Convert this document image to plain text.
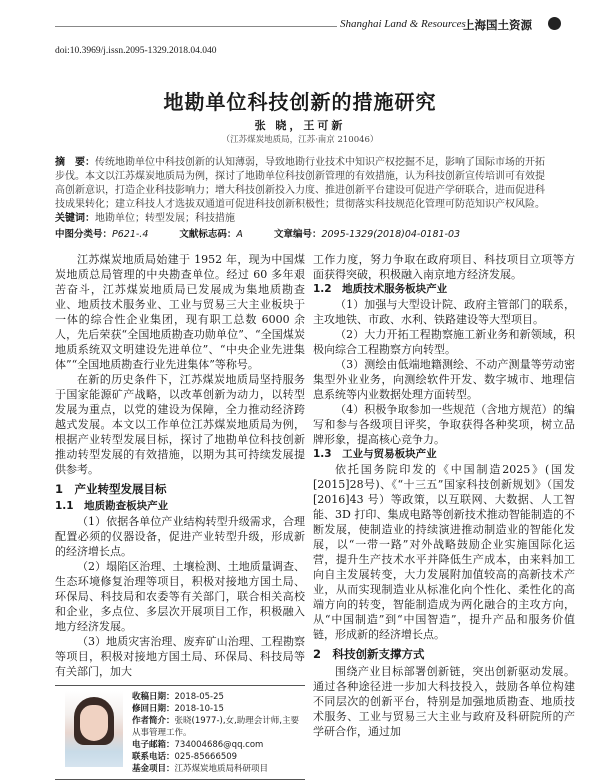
Shanghai Land & Resources
上海国土资源
doi:10.3969/j.issn.2095-1329.2018.04.040
地勘单位科技创新的措施研究
张 晓，王可新
（江苏煤炭地质局，江苏·南京 210046）
摘　要：传统地勘单位中科技创新的认知薄弱，导致地勘行业技术中知识产权挖掘不足，影响了国际市场的开拓步伐。本文以江苏煤炭地质局为例，探讨了地勘单位科技创新管理的有效措施，认为科技创新宣传培训可有效提高创新意识，打造企业科技影响力；增大科技创新投入力度、推进创新平台建设可促进产学研联合，进而促进科技成果转化；建立科技人才选拔双通道可促进科技创新积极性；贯彻落实科技规范化管理可防范知识产权风险。
关键词：地勘单位；转型发展；科技措施
中图分类号：P621-.4	文献标志码：A	文章编号：2095-1329(2018)04-0181-03

江苏煤炭地质局始建于 1952 年，现为中国煤炭地质总局管理的中央勘查单位。经过 60 多年艰苦奋斗，江苏煤炭地质局已发展成为集地质勘查业、地质技术服务业、工业与贸易三大主业板块于一体的综合性企业集团，现有职工总数 6000 余人，先后荣获“全国地质勘查功勋单位”、“全国煤炭地质系统双文明建设先进单位”、“中央企业先进集体”“全国地质勘查行业先进集体”等称号。

在新的历史条件下，江苏煤炭地质局坚持服务于国家能源矿产战略，以改革创新为动力，以转型发展为重点，以党的建设为保障，全力推动经济跨越式发展。本文以工作单位江苏煤炭地质局为例，根据产业转型发展目标，探讨了地勘单位科技创新推动转型发展的有效措施，以期为其可持续发展提供参考。

1　产业转型发展目标

1.1　地质勘查板块产业

（1）依据各单位产业结构转型升级需求，合理配置必须的仪器设备，促进产业转型升级，形成新的经济增长点。

（2）塌陷区治理、土壤检测、土地质量调查、生态环境修复治理等项目，积极对接地方国土局、环保局、科技局和农委等有关部门，联合相关高校和企业，多点位、多层次开展项目工作，积极融入地方经济发展。

（3）地质灾害治理、废弃矿山治理、工程勘察等项目，积极对接地方国土局、环保局、科技局等有关部门，加大

收稿日期：2018-05-25
修回日期：2018-10-15
作者简介：张晓(1977-),女,助理会计师,主要从事管理工作。
电子邮箱：734004686@qq.com
联系电话：025-85666509
基金项目：江苏煤炭地质局科研项目

工作力度，努力争取在政府项目、科技项目立项等方面获得突破，积极融入南京地方经济发展。

1.2　地质技术服务板块产业

（1）加强与大型设计院、政府主管部门的联系，主攻地铁、市政、水利、铁路建设等大型项目。

（2）大力开拓工程勘察施工新业务和新领域，积极向综合工程勘察方向转型。

（3）测绘由低端地籍测绘、不动产测量等劳动密集型外业业务，向测绘软件开发、数字城市、地理信息系统等内业数据处理方面转型。

（4）积极争取参加一些规范（含地方规范）的编写和参与各级项目评奖，争取获得各种奖项，树立品牌形象，提高核心竞争力。

1.3　工业与贸易板块产业

依托国务院印发的《中国制造2025》(国发[2015]28号)、《“十三五”国家科技创新规划》（国发 [2016]43 号）等政策，以互联网、大数据、人工智能、3D 打印、集成电路等创新技术推动智能制造的不断发展，使制造业的持续演进推动制造业的智能化发展，以“一带一路”对外战略鼓励企业实施国际化运营，提升生产技术水平并降低生产成本，由来料加工向自主发展转变，大力发展附加值较高的高新技术产业，从而实现制造业从标准化向个性化、柔性化的高端方向的转变，智能制造成为两化融合的主攻方向，从“中国制造”到“中国智造”，提升产品和服务价值链，形成新的经济增长点。

2　科技创新支撑方式

围绕产业目标部署创新链，突出创新驱动发展。通过各种途径进一步加大科技投入，鼓励各单位构建不同层次的创新平台，特别是加强地质勘查、地质技术服务、工业与贸易三大主业与政府及科研院所的产学研合作，通过加
